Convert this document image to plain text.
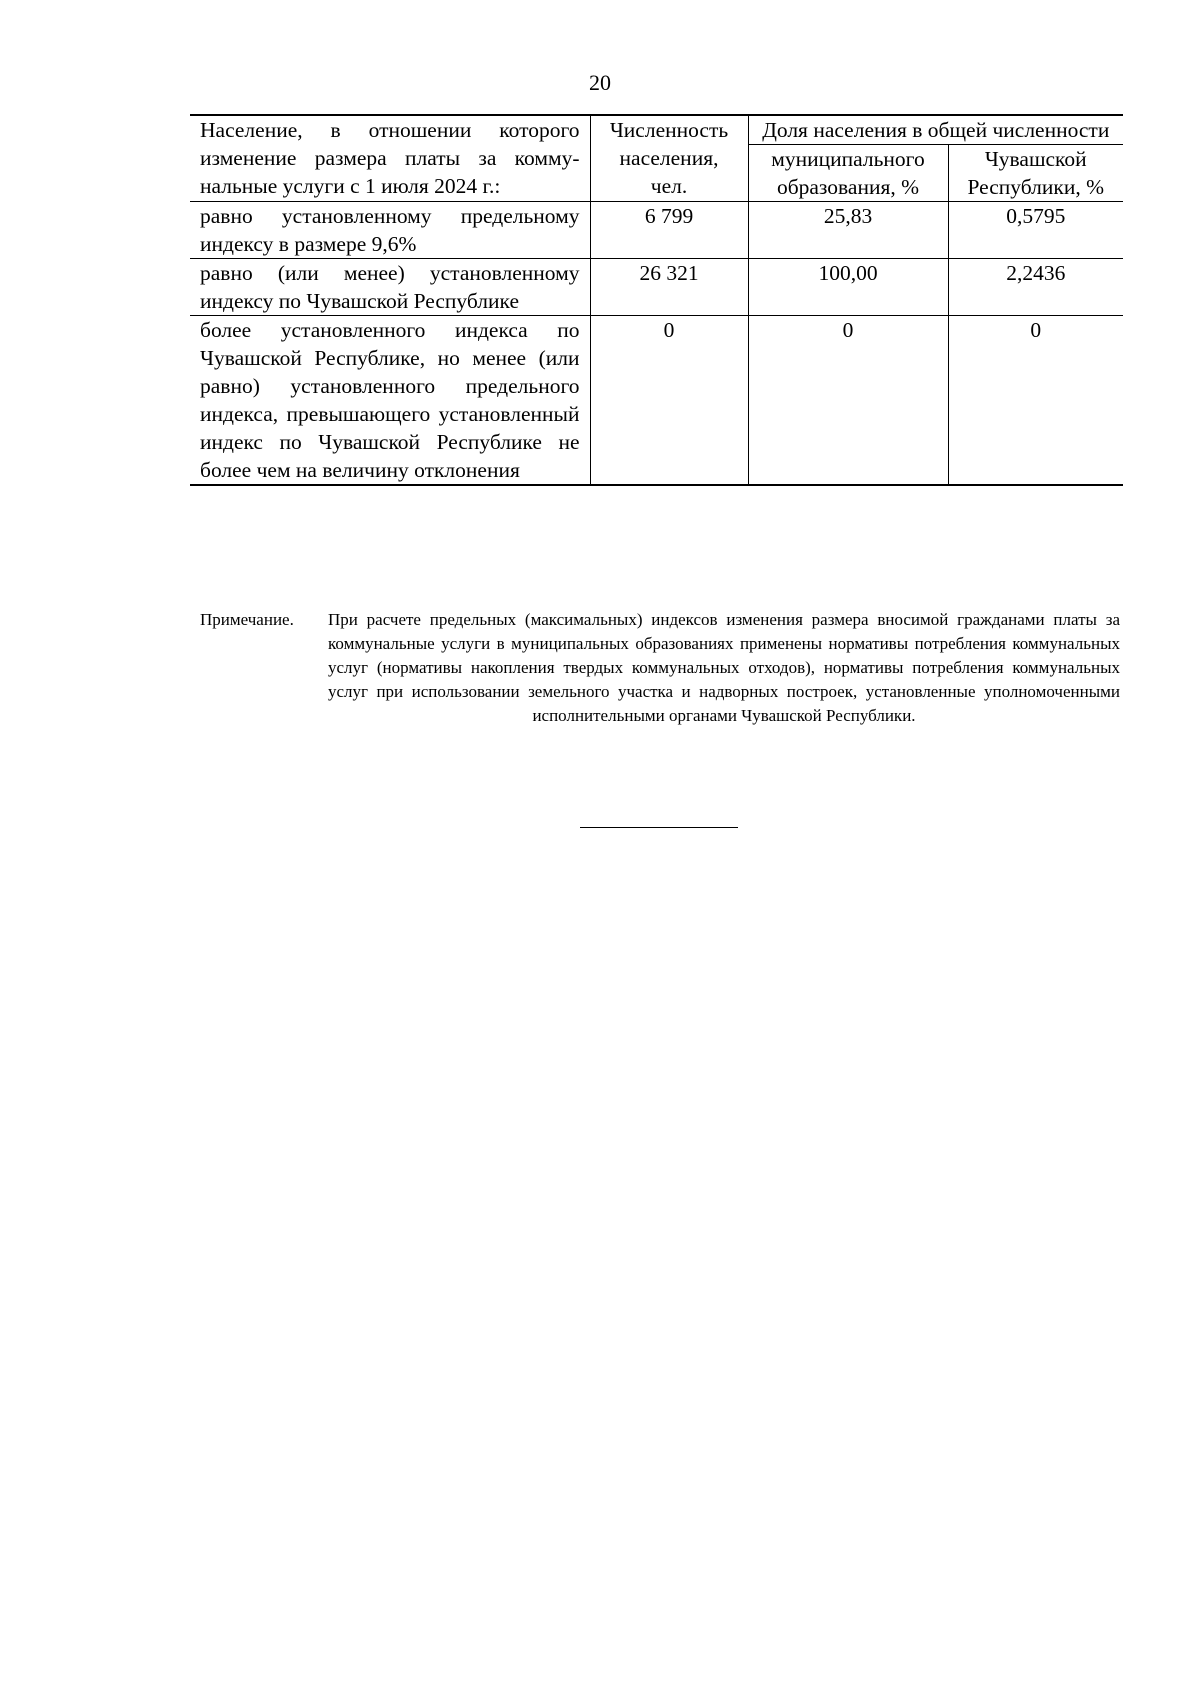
20
Население, в отношении которого изменение размера платы за коммунальные услуги с 1 июля 2024 г.:	Численность населения, чел.	Доля населения в общей численности	
		муниципального образования, %	Чувашской Республики, %
равно установленному предельному индексу в размере 9,6%	6 799	25,83	0,5795
равно (или менее) установленному индексу по Чувашской Республике	26 321	100,00	2,2436
более установленного индекса по Чувашской Республике, но менее (или равно) установленного предельного индекса, превышающего установленный индекс по Чувашской Республике не более чем на величину отклонения	0	0	0
Примечание.	При расчете предельных (максимальных) индексов изменения размера вносимой гражданами платы за коммунальные услуги в муниципальных образованиях применены нормативы потребления коммунальных услуг (нормативы накопления твердых коммунальных отходов), нормативы потребления коммунальных услуг при использовании земельного участка и надворных построек, установленные уполномоченными исполнительными органами Чувашской Республики.
